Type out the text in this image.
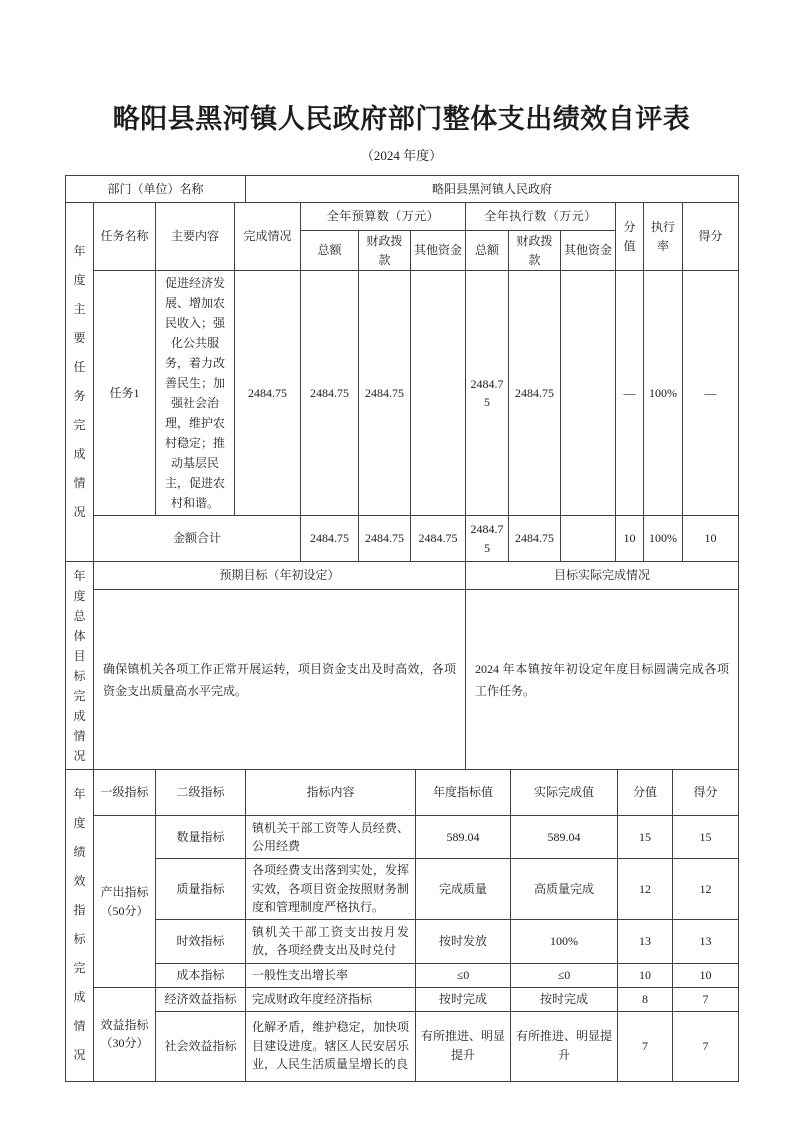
略阳县黑河镇人民政府部门整体支出绩效自评表
（2024 年度）
部门（单位）名称	略阳县黑河镇人民政府
年度主要任务完成情况	任务名称	主要内容	完成情况	全年预算数（万元）			全年执行数（万元）			分值	执行率	得分
				总额	财政拨款	其他资金	总额	财政拨款	其他资金			
	任务1	促进经济发展、增加农民收入；强化公共服务，着力改善民生；加强社会治理，维护农村稳定；推动基层民主，促进农村和谐。	2484.75	2484.75	2484.75		2484.75	2484.75		—	100%	—
	金额合计			2484.75	2484.75	2484.75	2484.75	2484.75		10	100%	10
年度总体目标完成情况	预期目标（年初设定）	目标实际完成情况
	确保镇机关各项工作正常开展运转，项目资金支出及时高效，各项资金支出质量高水平完成。	2024 年本镇按年初设定年度目标圆满完成各项工作任务。
年度绩效指标完成情况	一级指标	二级指标	指标内容	年度指标值	实际完成值	分值	得分
	产出指标（50分）	数量指标	镇机关干部工资等人员经费、公用经费	589.04	589.04	15	15
		质量指标	各项经费支出落到实处，发挥实效，各项目资金按照财务制度和管理制度严格执行。	完成质量	高质量完成	12	12
		时效指标	镇机关干部工资支出按月发放，各项经费支出及时兑付	按时发放	100%	13	13
		成本指标	一般性支出增长率	≤0	≤0	10	10
	效益指标（30分）	经济效益指标	完成财政年度经济指标	按时完成	按时完成	8	7
		社会效益指标	化解矛盾，维护稳定，加快项目建设进度。辖区人民安居乐业，人民生活质量呈增长的良	有所推进、明显提升	有所推进、明显提升	7	7
